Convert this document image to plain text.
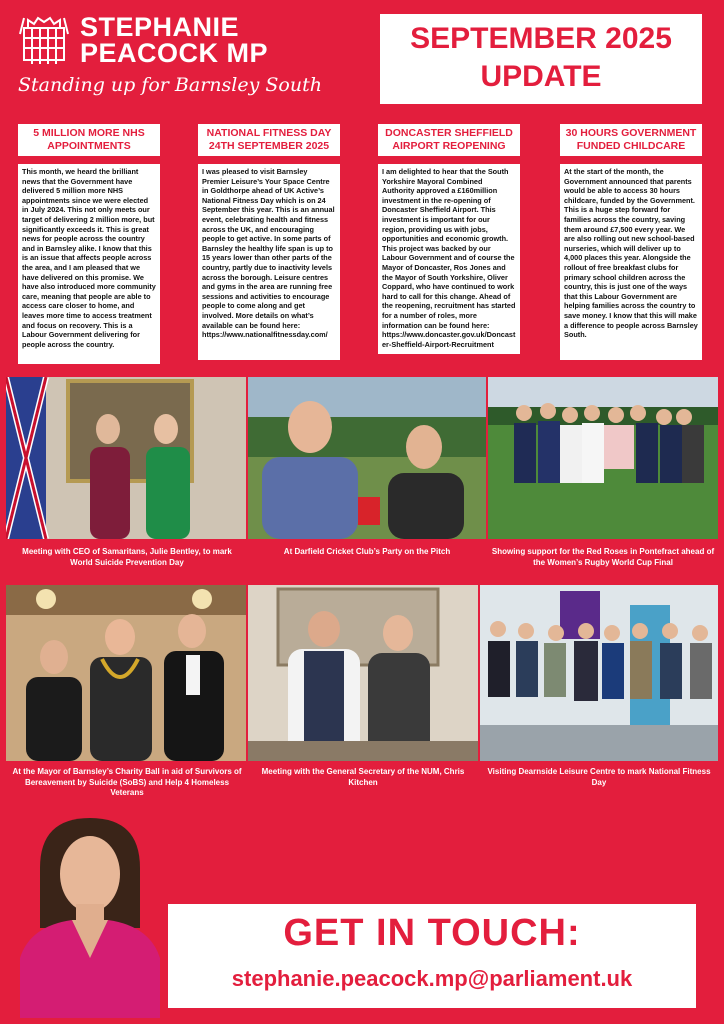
STEPHANIE
PEACOCK MP
Standing up for Barnsley South
SEPTEMBER 2025
UPDATE
5 MILLION MORE NHS APPOINTMENTS
This month, we heard the brilliant news that the Government have delivered 5 million more NHS appointments since we were elected in July 2024. This not only meets our target of delivering 2 million more, but significantly exceeds it. This is great news for people across the country and in Barnsley alike. I know that this is an issue that affects people across the area, and I am pleased that we have delivered on this promise. We have also introduced more community care, meaning that people are able to access care closer to home, and leaves more time to access treatment and focus on recovery. This is a Labour Government delivering for people across the country.
NATIONAL FITNESS DAY 24TH SEPTEMBER 2025
I was pleased to visit Barnsley Premier Leisure’s Your Space Centre in Goldthorpe ahead of UK Active’s National Fitness Day which is on 24 September this year. This is an annual event, celebrating health and fitness across the UK, and encouraging people to get active. In some parts of Barnsley the healthy life span is up to 15 years lower than other parts of the country, partly due to inactivity levels across the borough. Leisure centres and gyms in the area are running free sessions and activities to encourage people to come along and get involved. More details on what’s available can be found here: https://www.nationalfitnessday.com/
DONCASTER SHEFFIELD AIRPORT REOPENING
I am delighted to hear that the South Yorkshire Mayoral Combined Authority approved a £160million investment in the re-opening of Doncaster Sheffield Airport. This investment is important for our region, providing us with jobs, opportunities and economic growth. This project was backed by our Labour Government and of course the Mayor of Doncaster, Ros Jones and the Mayor of South Yorkshire, Oliver Coppard, who have continued to work hard to call for this change. Ahead of the reopening, recruitment has started for a number of roles, more information can be found here: https://www.doncaster.gov.uk/Doncaster-Sheffield-Airport-Recruitment
30 HOURS GOVERNMENT FUNDED CHILDCARE
At the start of the month, the Government announced that parents would be able to access 30 hours childcare, funded by the Government. This is a huge step forward for families across the country, saving them around £7,500 every year. We are also rolling out new school-based nurseries, which will deliver up to 4,000 places this year. Alongside the rollout of free breakfast clubs for primary school children across the country, this is just one of the ways that this Labour Government are helping families across the country to save money. I know that this will make a difference to people across Barnsley South.
Meeting with CEO of Samaritans, Julie Bentley, to mark World Suicide Prevention Day
At Darfield Cricket Club’s Party on the Pitch	Showing support for the Red Roses in Pontefract ahead of the Women’s Rugby World Cup Final
At the Mayor of Barnsley’s Charity Ball in aid of Survivors of Bereavement by Suicide (SoBS) and Help 4 Homeless Veterans
Meeting with the General Secretary of the NUM, Chris Kitchen
Visiting Dearnside Leisure Centre to mark National Fitness Day
GET IN TOUCH:
stephanie.peacock.mp@parliament.uk
